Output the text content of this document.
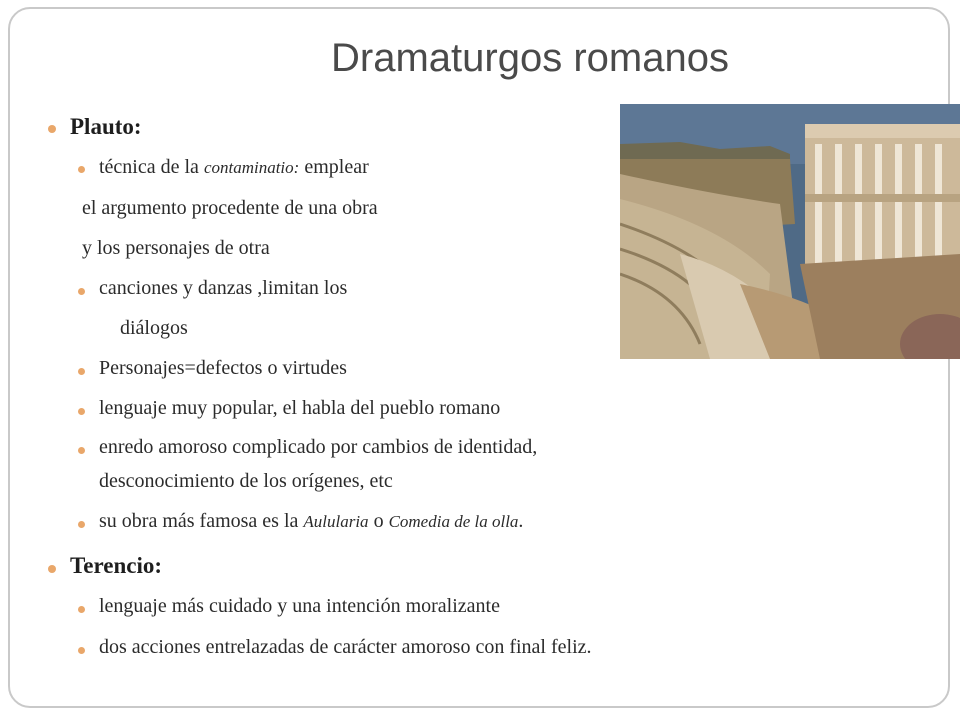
Dramaturgos romanos
Plauto:
técnica de la contaminatio: emplear
el argumento procedente de una obra
y los personajes de otra
canciones y danzas ,limitan los
diálogos
Personajes=defectos o virtudes
lenguaje muy popular, el habla del pueblo romano
enredo amoroso complicado por cambios de identidad,
desconocimiento de los orígenes, etc
su obra más famosa es la Aulularia o Comedia de la olla.
Terencio:
lenguaje más cuidado y una intención moralizante
dos acciones entrelazadas de carácter amoroso con final feliz.
